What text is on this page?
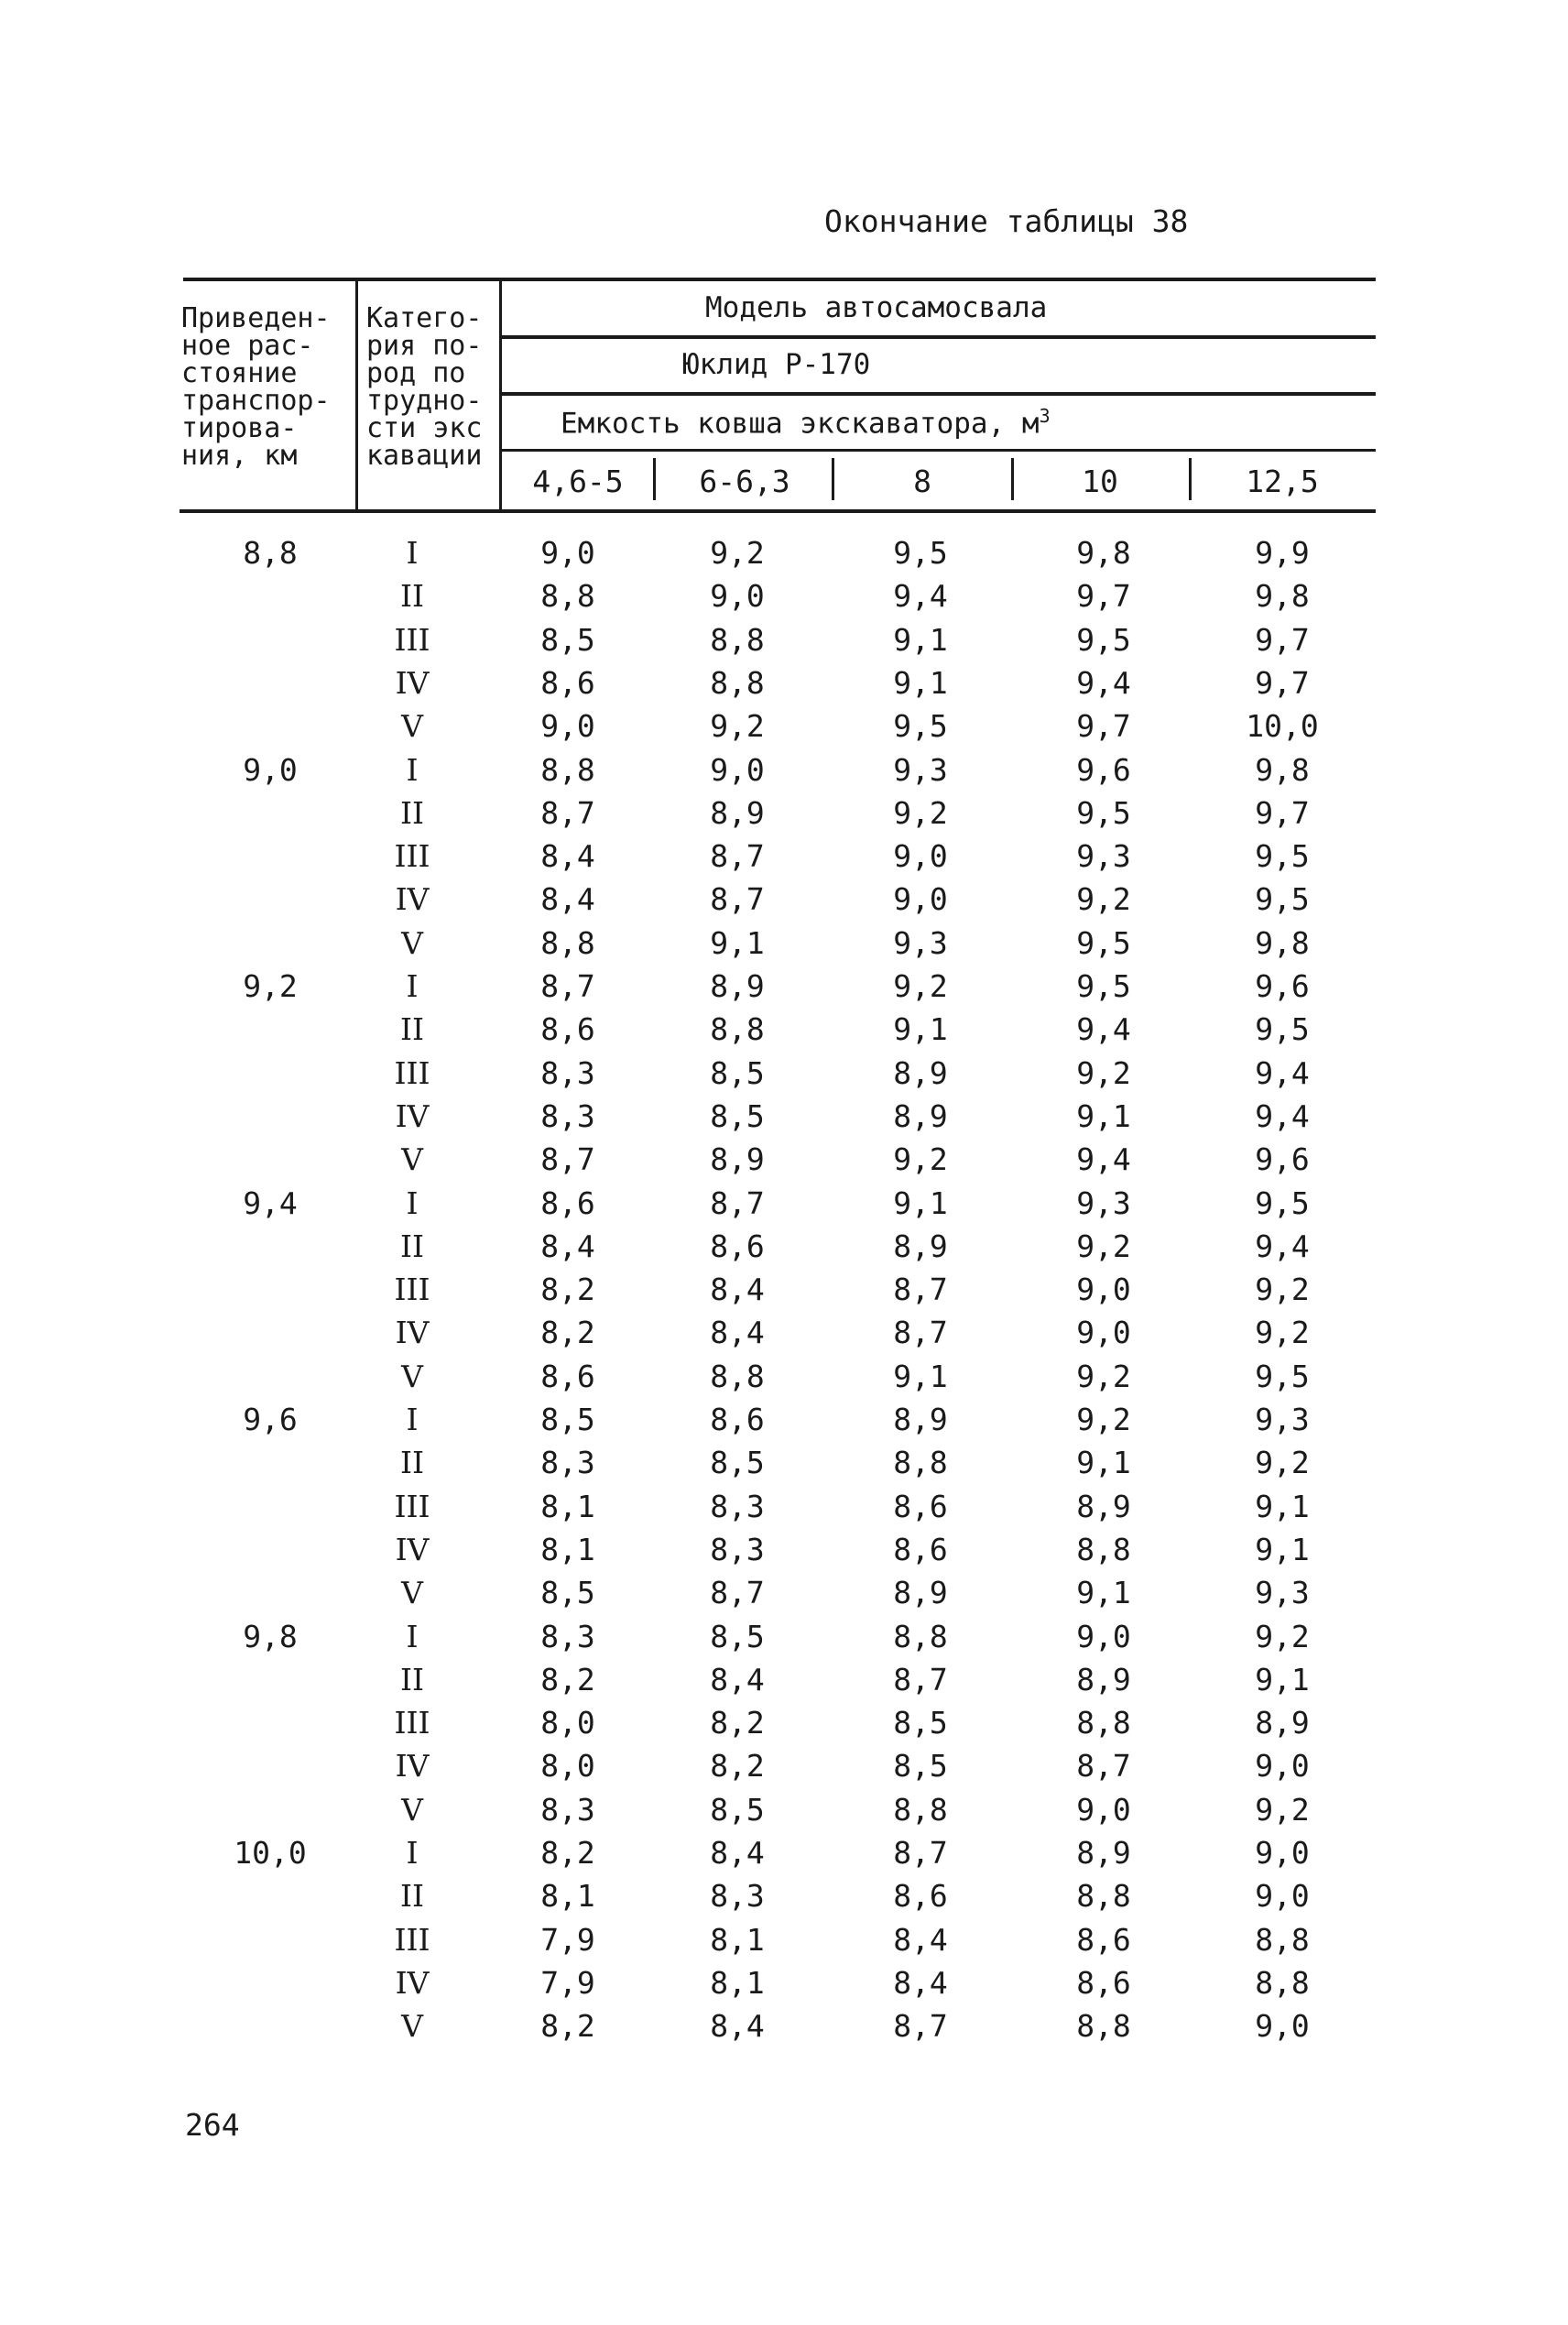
Окончание таблицы 38
Приведен-
ное рас-
стояние
транспор-
тирова-
ния, км
Катего-
рия по-
род по
трудно-
сти экс
кавации
Модель автосамосвала
Юклид Р-170
Емкость ковша экскаватора, $м^3$
4,6-5	6-6,3	8	10	12,5
8,8	I	9,0	9,2	9,5	9,8	9,9
II	8,8	9,0	9,4	9,7	9,8
III	8,5	8,8	9,1	9,5	9,7
IV	8,6	8,8	9,1	9,4	9,7
V	9,0	9,2	9,5	9,7	10,0
9,0	I	8,8	9,0	9,3	9,6	9,8
II	8,7	8,9	9,2	9,5	9,7
III	8,4	8,7	9,0	9,3	9,5
IV	8,4	8,7	9,0	9,2	9,5
V	8,8	9,1	9,3	9,5	9,8
9,2	I	8,7	8,9	9,2	9,5	9,6
II	8,6	8,8	9,1	9,4	9,5
III	8,3	8,5	8,9	9,2	9,4
IV	8,3	8,5	8,9	9,1	9,4
V	8,7	8,9	9,2	9,4	9,6
9,4	I	8,6	8,7	9,1	9,3	9,5
II	8,4	8,6	8,9	9,2	9,4
III	8,2	8,4	8,7	9,0	9,2
IV	8,2	8,4	8,7	9,0	9,2
V	8,6	8,8	9,1	9,2	9,5
9,6	I	8,5	8,6	8,9	9,2	9,3
II	8,3	8,5	8,8	9,1	9,2
III	8,1	8,3	8,6	8,9	9,1
IV	8,1	8,3	8,6	8,8	9,1
V	8,5	8,7	8,9	9,1	9,3
9,8	I	8,3	8,5	8,8	9,0	9,2
II	8,2	8,4	8,7	8,9	9,1
III	8,0	8,2	8,5	8,8	8,9
IV	8,0	8,2	8,5	8,7	9,0
V	8,3	8,5	8,8	9,0	9,2
10,0	I	8,2	8,4	8,7	8,9	9,0
II	8,1	8,3	8,6	8,8	9,0
III	7,9	8,1	8,4	8,6	8,8
IV	7,9	8,1	8,4	8,6	8,8
V	8,2	8,4	8,7	8,8	9,0
264
